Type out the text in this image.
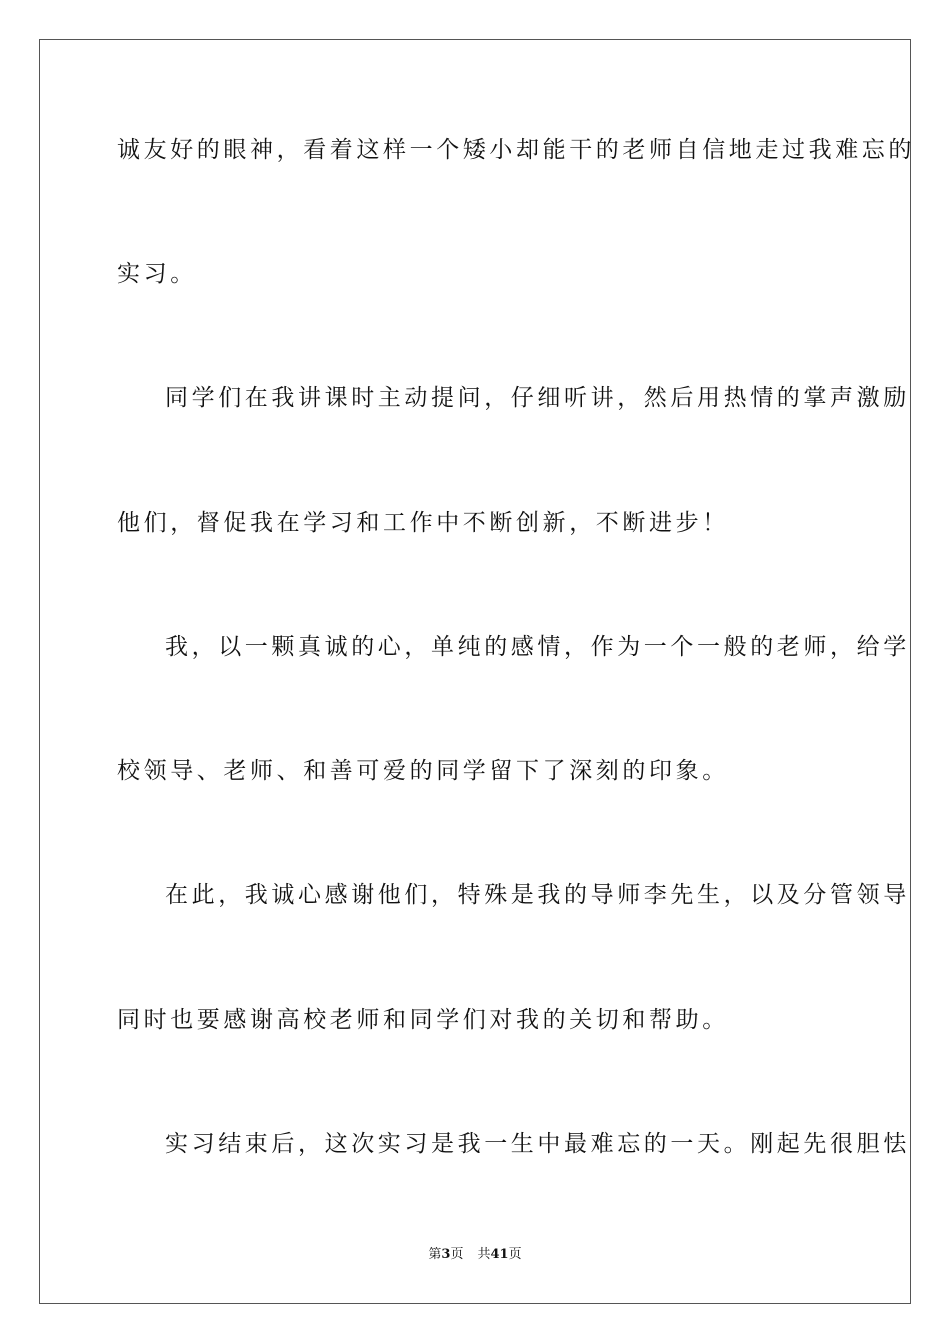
诚友好的眼神，看着这样一个矮小却能干的老师自信地走过我难忘的
实习。
同学们在我讲课时主动提问，仔细听讲，然后用热情的掌声激励
他们，督促我在学习和工作中不断创新，不断进步！
我，以一颗真诚的心，单纯的感情，作为一个一般的老师，给学
校领导、老师、和善可爱的同学留下了深刻的印象。
在此，我诚心感谢他们，特殊是我的导师李先生，以及分管领导
同时也要感谢高校老师和同学们对我的关切和帮助。
实习结束后，这次实习是我一生中最难忘的一天。刚起先很胆怯
第3页 共41页
